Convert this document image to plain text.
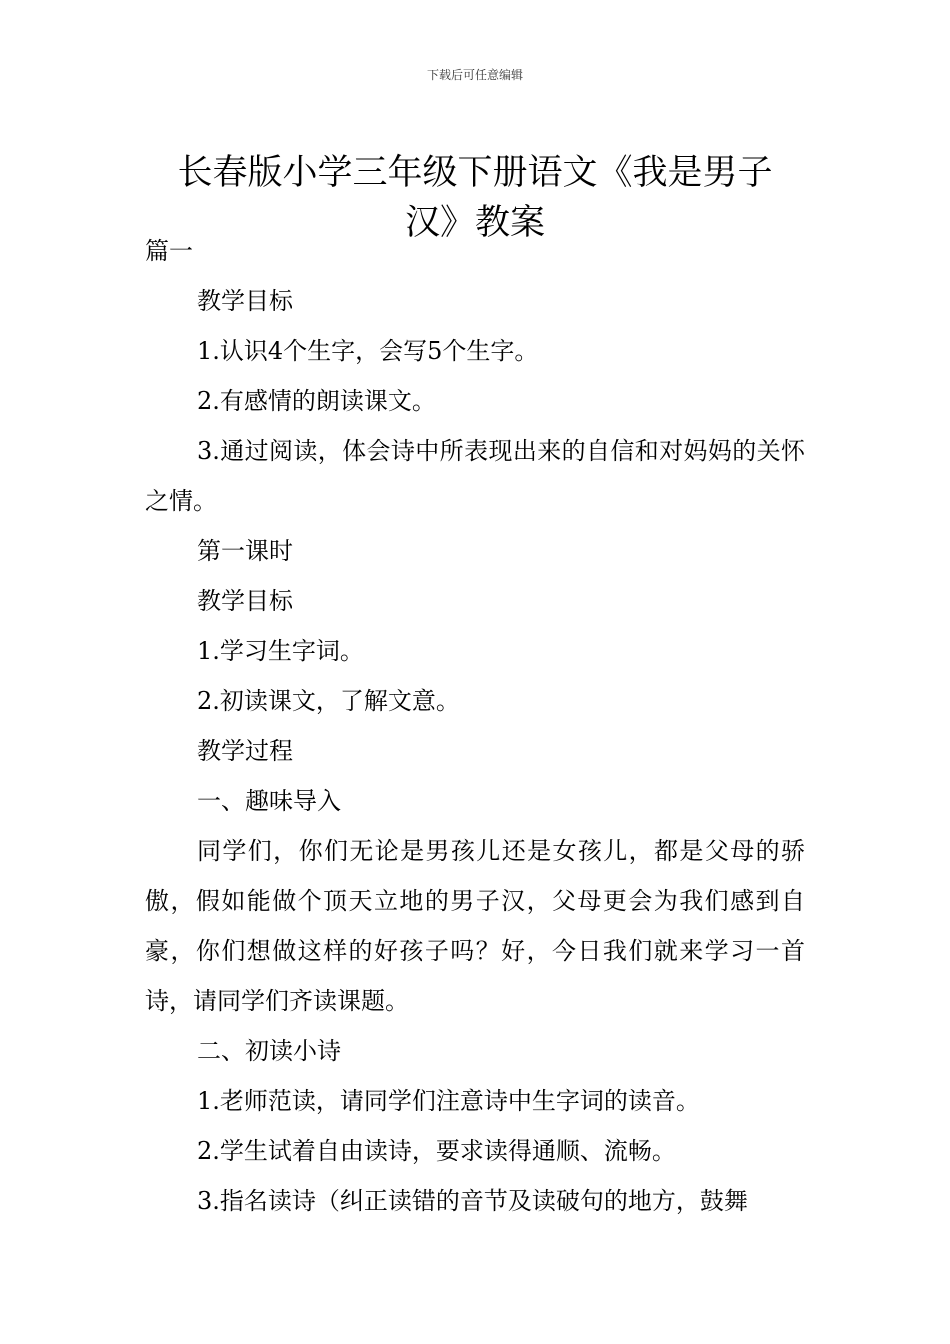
下载后可任意编辑
长春版小学三年级下册语文《我是男子
汉》教案

篇一

教学目标

1.认识4个生字，会写5个生字。

2.有感情的朗读课文。

3.通过阅读，体会诗中所表现出来的自信和对妈妈的关怀之情。

第一课时

教学目标

1.学习生字词。

2.初读课文，了解文意。

教学过程

一、趣味导入

同学们，你们无论是男孩儿还是女孩儿，都是父母的骄傲，假如能做个顶天立地的男子汉，父母更会为我们感到自豪，你们想做这样的好孩子吗？好，今日我们就来学习一首诗，请同学们齐读课题。

二、初读小诗

1.老师范读，请同学们注意诗中生字词的读音。

2.学生试着自由读诗，要求读得通顺、流畅。

3.指名读诗（纠正读错的音节及读破句的地方，鼓舞
